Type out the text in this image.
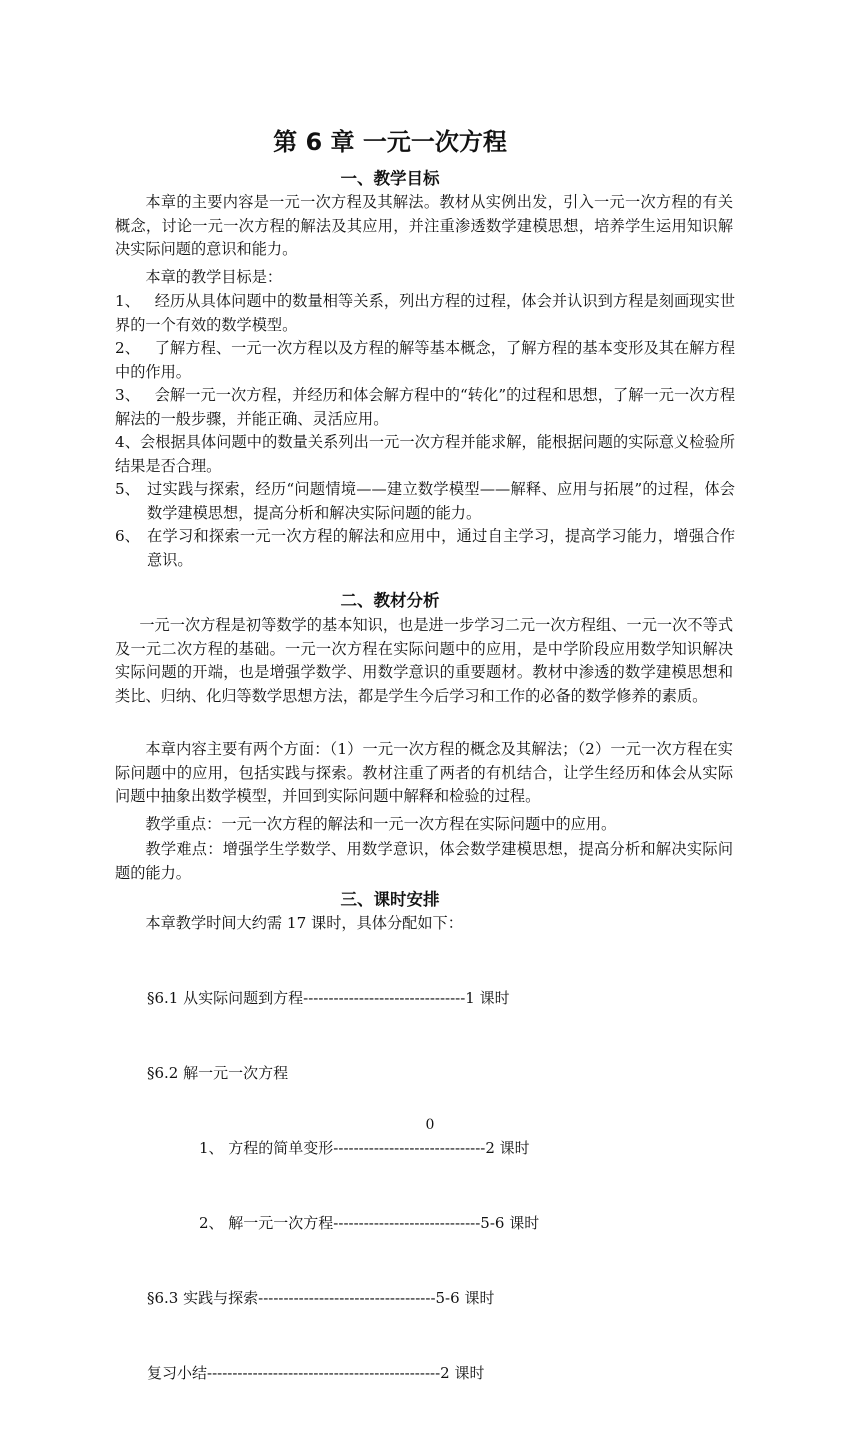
第 6 章 一元一次方程
一、教学目标

本章的主要内容是一元一次方程及其解法。教材从实例出发，引入一元一次方程的有关概念，讨论一元一次方程的解法及其应用，并注重渗透数学建模思想，培养学生运用知识解决实际问题的意识和能力。

本章的教学目标是：

1、 经历从具体问题中的数量相等关系，列出方程的过程，体会并认识到方程是刻画现实世界的一个有效的数学模型。
2、 了解方程、一元一次方程以及方程的解等基本概念，了解方程的基本变形及其在解方程中的作用。
3、 会解一元一次方程，并经历和体会解方程中的“转化”的过程和思想，了解一元一次方程解法的一般步骤，并能正确、灵活应用。
4、会根据具体问题中的数量关系列出一元一次方程并能求解，能根据问题的实际意义检验所结果是否合理。
5、 过实践与探索，经历“问题情境——建立数学模型——解释、应用与拓展”的过程，体会数学建模思想，提高分析和解决实际问题的能力。
6、 在学习和探索一元一次方程的解法和应用中，通过自主学习，提高学习能力，增强合作意识。
二、教材分析

一元一次方程是初等数学的基本知识，也是进一步学习二元一次方程组、一元一次不等式及一元二次方程的基础。一元一次方程在实际问题中的应用，是中学阶段应用数学知识解决实际问题的开端，也是增强学数学、用数学意识的重要题材。教材中渗透的数学建模思想和类比、归纳、化归等数学思想方法，都是学生今后学习和工作的必备的数学修养的素质。

本章内容主要有两个方面：（1）一元一次方程的概念及其解法；（2）一元一次方程在实际问题中的应用，包括实践与探索。教材注重了两者的有机结合，让学生经历和体会从实际问题中抽象出数学模型，并回到实际问题中解释和检验的过程。

教学重点：一元一次方程的解法和一元一次方程在实际问题中的应用。

教学难点：增强学生学数学、用数学意识，体会数学建模思想，提高分析和解决实际问题的能力。

三、课时安排

本章教学时间大约需 17 课时，具体分配如下：

§6.1 从实际问题到方程--------------------------------1 课时

§6.2 解一元一次方程

1、 方程的简单变形------------------------------2 课时

2、 解一元一次方程-----------------------------5-6 课时

§6.3 实践与探索-----------------------------------5-6 课时

复习小结----------------------------------------------2 课时

0
